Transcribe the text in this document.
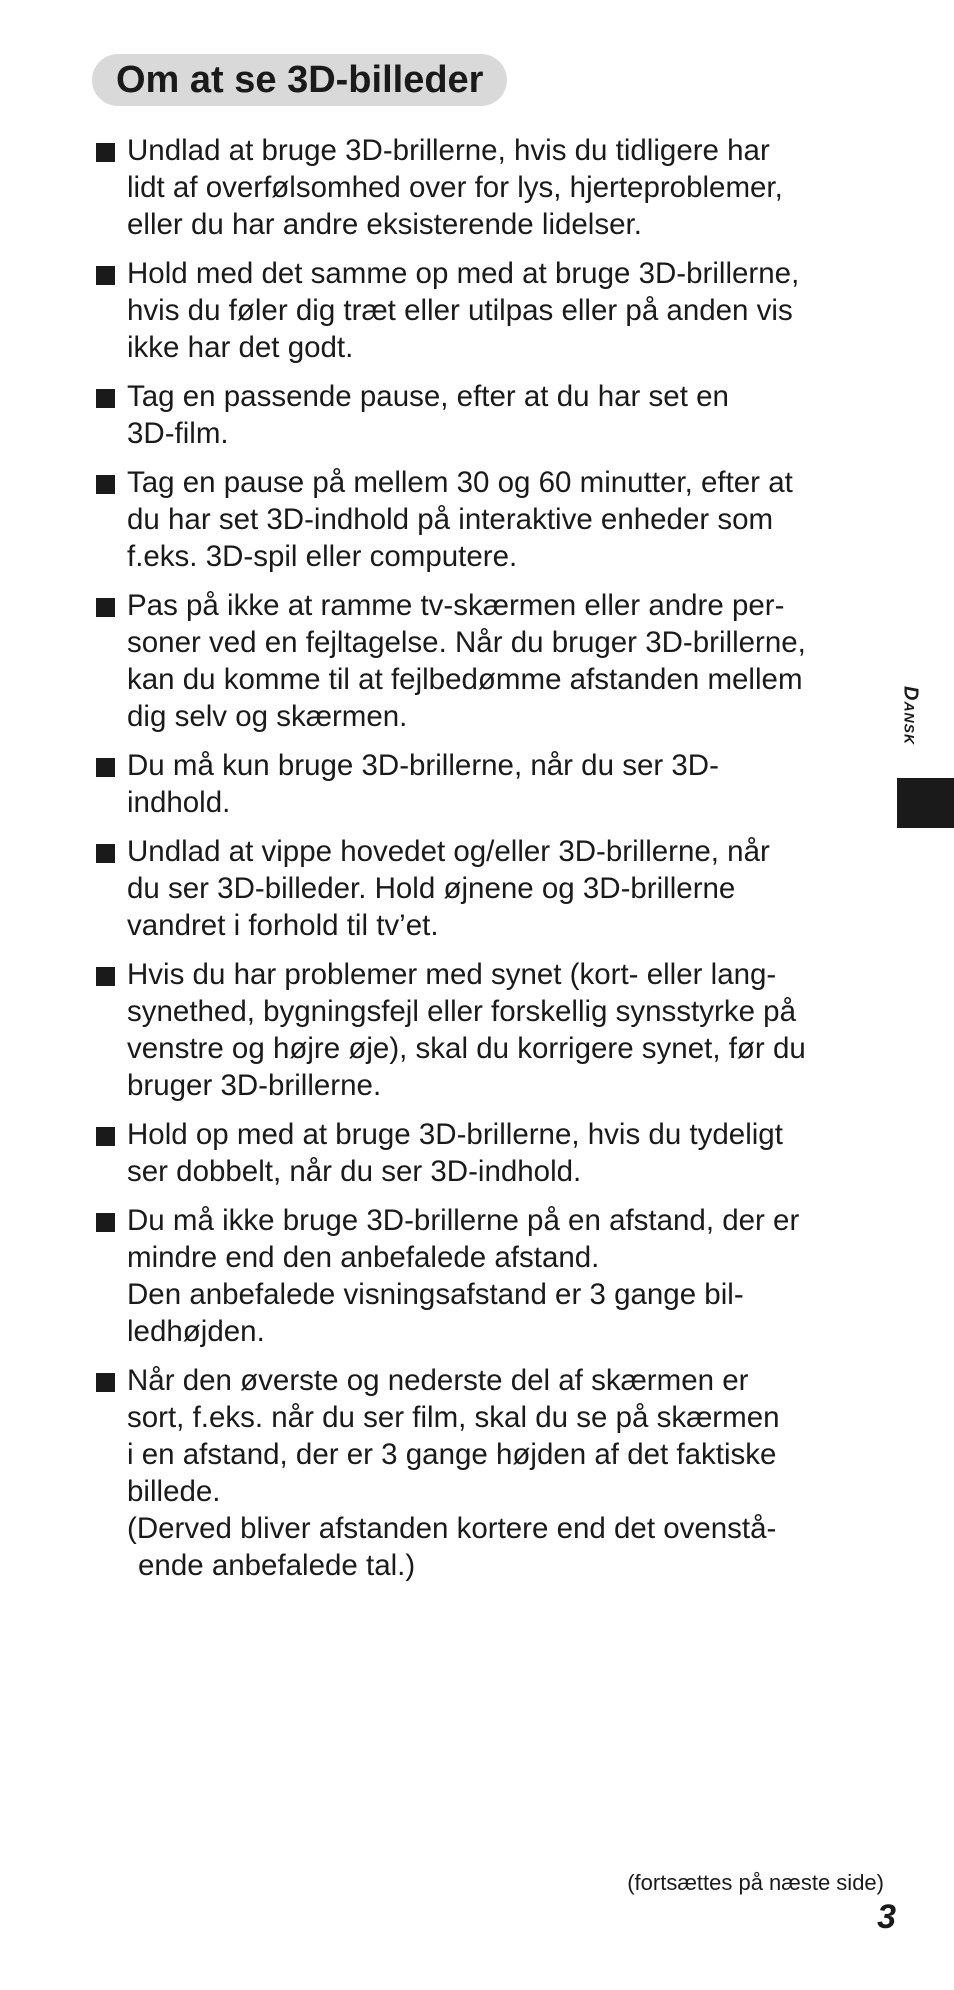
Om at se 3D-billeder
Undlad at bruge 3D-brillerne, hvis du tidligere har
lidt af overfølsomhed over for lys, hjerteproblemer,
eller du har andre eksisterende lidelser.
Hold med det samme op med at bruge 3D-brillerne,
hvis du føler dig træt eller utilpas eller på anden vis
ikke har det godt.
Tag en passende pause, efter at du har set en
3D-film.
Tag en pause på mellem 30 og 60 minutter, efter at
du har set 3D-indhold på interaktive enheder som
f.eks. 3D-spil eller computere.
Pas på ikke at ramme tv-skærmen eller andre per-
soner ved en fejltagelse. Når du bruger 3D-brillerne,
kan du komme til at fejlbedømme afstanden mellem
dig selv og skærmen.
Du må kun bruge 3D-brillerne, når du ser 3D-
indhold.
Undlad at vippe hovedet og/eller 3D-brillerne, når
du ser 3D-billeder. Hold øjnene og 3D-brillerne
vandret i forhold til tv’et.
Hvis du har problemer med synet (kort- eller lang-
synethed, bygningsfejl eller forskellig synsstyrke på
venstre og højre øje), skal du korrigere synet, før du
bruger 3D-brillerne.
Hold op med at bruge 3D-brillerne, hvis du tydeligt
ser dobbelt, når du ser 3D-indhold.
Du må ikke bruge 3D-brillerne på en afstand, der er
mindre end den anbefalede afstand.
Den anbefalede visningsafstand er 3 gange bil-
ledhøjden.
Når den øverste og nederste del af skærmen er
sort, f.eks. når du ser film, skal du se på skærmen
i en afstand, der er 3 gange højden af det faktiske
billede.
(Derved bliver afstanden kortere end det ovenstå-
ende anbefalede tal.)
Dansk
(fortsættes på næste side)
3
